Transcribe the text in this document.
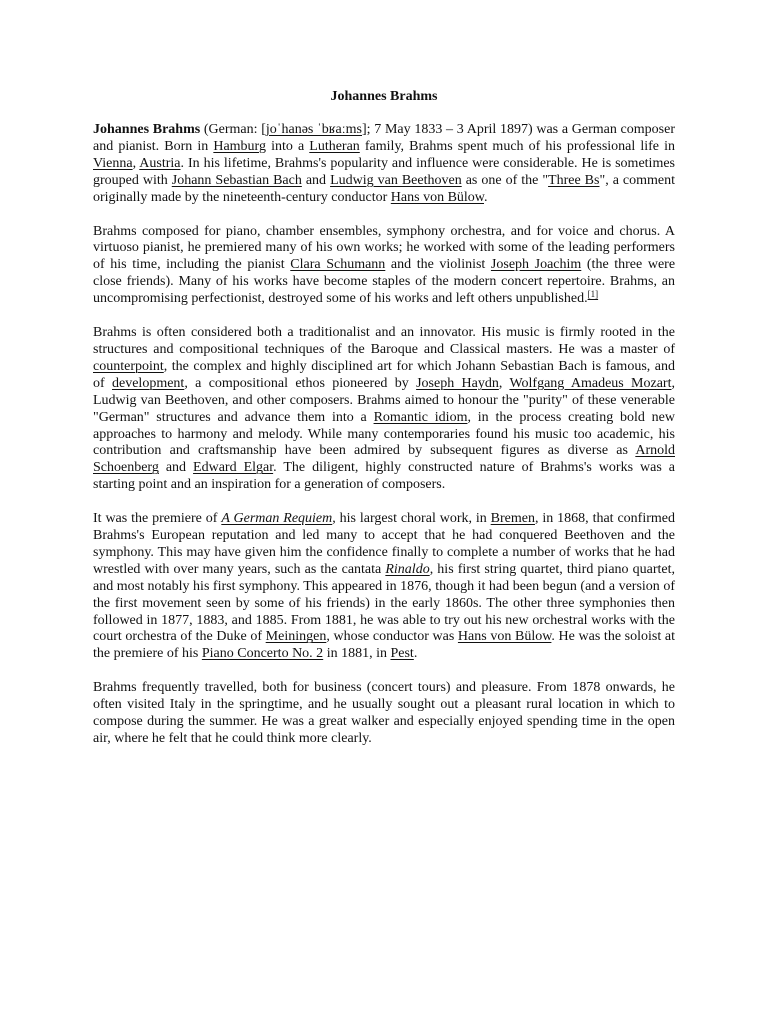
Johannes Brahms

Johannes Brahms (German: [joˈhanəs ˈbʁaːms]; 7 May 1833 – 3 April 1897) was a German composer and pianist. Born in Hamburg into a Lutheran family, Brahms spent much of his professional life in Vienna, Austria. In his lifetime, Brahms's popularity and influence were considerable. He is sometimes grouped with Johann Sebastian Bach and Ludwig van Beethoven as one of the "Three Bs", a comment originally made by the nineteenth-century conductor Hans von Bülow.

Brahms composed for piano, chamber ensembles, symphony orchestra, and for voice and chorus. A virtuoso pianist, he premiered many of his own works; he worked with some of the leading performers of his time, including the pianist Clara Schumann and the violinist Joseph Joachim (the three were close friends). Many of his works have become staples of the modern concert repertoire. Brahms, an uncompromising perfectionist, destroyed some of his works and left others unpublished.[1]

Brahms is often considered both a traditionalist and an innovator. His music is firmly rooted in the structures and compositional techniques of the Baroque and Classical masters. He was a master of counterpoint, the complex and highly disciplined art for which Johann Sebastian Bach is famous, and of development, a compositional ethos pioneered by Joseph Haydn, Wolfgang Amadeus Mozart, Ludwig van Beethoven, and other composers. Brahms aimed to honour the "purity" of these venerable "German" structures and advance them into a Romantic idiom, in the process creating bold new approaches to harmony and melody. While many contemporaries found his music too academic, his contribution and craftsmanship have been admired by subsequent figures as diverse as Arnold Schoenberg and Edward Elgar. The diligent, highly constructed nature of Brahms's works was a starting point and an inspiration for a generation of composers.

It was the premiere of A German Requiem, his largest choral work, in Bremen, in 1868, that confirmed Brahms's European reputation and led many to accept that he had conquered Beethoven and the symphony. This may have given him the confidence finally to complete a number of works that he had wrestled with over many years, such as the cantata Rinaldo, his first string quartet, third piano quartet, and most notably his first symphony. This appeared in 1876, though it had been begun (and a version of the first movement seen by some of his friends) in the early 1860s. The other three symphonies then followed in 1877, 1883, and 1885. From 1881, he was able to try out his new orchestral works with the court orchestra of the Duke of Meiningen, whose conductor was Hans von Bülow. He was the soloist at the premiere of his Piano Concerto No. 2 in 1881, in Pest.

Brahms frequently travelled, both for business (concert tours) and pleasure. From 1878 onwards, he often visited Italy in the springtime, and he usually sought out a pleasant rural location in which to compose during the summer. He was a great walker and especially enjoyed spending time in the open air, where he felt that he could think more clearly.
